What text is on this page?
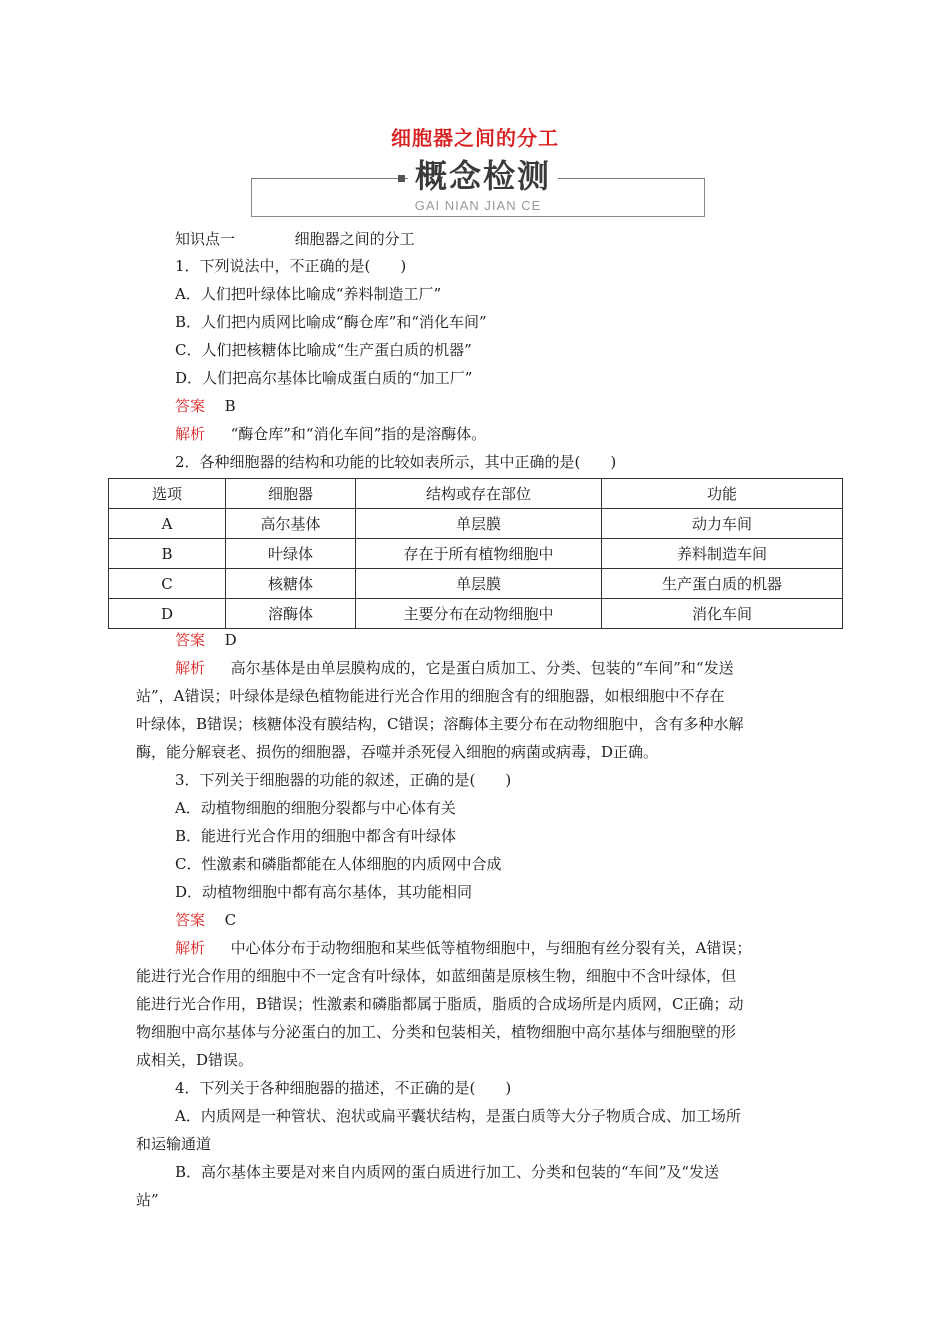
细胞器之间的分工
概念检测
GAI NIAN JIAN CE
知识点一	细胞器之间的分工
1．下列说法中，不正确的是(　　)
A．人们把叶绿体比喻成“养料制造工厂”
B．人们把内质网比喻成“酶仓库”和“消化车间”
C．人们把核糖体比喻成“生产蛋白质的机器”
D．人们把高尔基体比喻成蛋白质的“加工厂”
答案 B
解析 “酶仓库”和“消化车间”指的是溶酶体。
2．各种细胞器的结构和功能的比较如表所示，其中正确的是(　　)
选项	细胞器	结构或存在部位	功能
A	高尔基体	单层膜	动力车间
B	叶绿体	存在于所有植物细胞中	养料制造车间
C	核糖体	单层膜	生产蛋白质的机器
D	溶酶体	主要分布在动物细胞中	消化车间
答案 D
解析 高尔基体是由单层膜构成的，它是蛋白质加工、分类、包装的“车间”和“发送
站”，A错误；叶绿体是绿色植物能进行光合作用的细胞含有的细胞器，如根细胞中不存在
叶绿体，B错误；核糖体没有膜结构，C错误；溶酶体主要分布在动物细胞中，含有多种水解
酶，能分解衰老、损伤的细胞器，吞噬并杀死侵入细胞的病菌或病毒，D正确。
3．下列关于细胞器的功能的叙述，正确的是(　　)
A．动植物细胞的细胞分裂都与中心体有关
B．能进行光合作用的细胞中都含有叶绿体
C．性激素和磷脂都能在人体细胞的内质网中合成
D．动植物细胞中都有高尔基体，其功能相同
答案 C
解析 中心体分布于动物细胞和某些低等植物细胞中，与细胞有丝分裂有关，A错误；
能进行光合作用的细胞中不一定含有叶绿体，如蓝细菌是原核生物，细胞中不含叶绿体，但
能进行光合作用，B错误；性激素和磷脂都属于脂质，脂质的合成场所是内质网，C正确；动
物细胞中高尔基体与分泌蛋白的加工、分类和包装相关，植物细胞中高尔基体与细胞壁的形
成相关，D错误。
4．下列关于各种细胞器的描述，不正确的是(　　)
A．内质网是一种管状、泡状或扁平囊状结构，是蛋白质等大分子物质合成、加工场所
和运输通道
B．高尔基体主要是对来自内质网的蛋白质进行加工、分类和包装的“车间”及“发送
站”
